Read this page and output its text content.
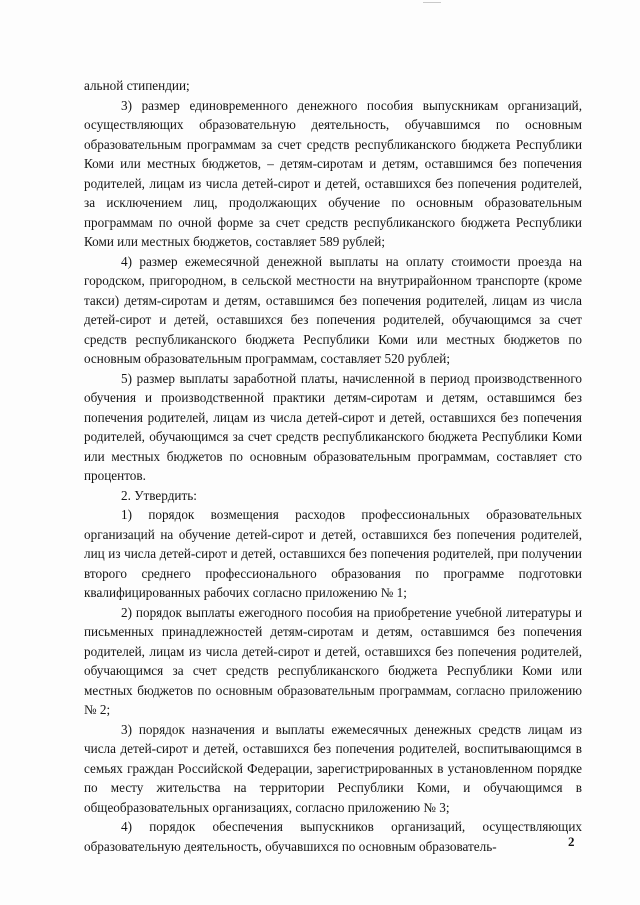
альной стипендии;

3) размер единовременного денежного пособия выпускникам организаций, осуществляющих образовательную деятельность, обучавшимся по основным образовательным программам за счет средств республиканского бюджета Республики Коми или местных бюджетов, – детям-сиротам и детям, оставшимся без попечения родителей, лицам из числа детей-сирот и детей, оставшихся без попечения родителей, за исключением лиц, продолжающих обучение по основным образовательным программам по очной форме за счет средств республиканского бюджета Республики Коми или местных бюджетов, составляет 589 рублей;

4) размер ежемесячной денежной выплаты на оплату стоимости проезда на городском, пригородном, в сельской местности на внутрирайонном транспорте (кроме такси) детям-сиротам и детям, оставшимся без попечения родителей, лицам из числа детей-сирот и детей, оставшихся без попечения родителей, обучающимся за счет средств республиканского бюджета Республики Коми или местных бюджетов по основным образовательным программам, составляет 520 рублей;

5) размер выплаты заработной платы, начисленной в период производственного обучения и производственной практики детям-сиротам и детям, оставшимся без попечения родителей, лицам из числа детей-сирот и детей, оставшихся без попечения родителей, обучающимся за счет средств республиканского бюджета Республики Коми или местных бюджетов по основным образовательным программам, составляет сто процентов.

2. Утвердить:

1) порядок возмещения расходов профессиональных образовательных организаций на обучение детей-сирот и детей, оставшихся без попечения родителей, лиц из числа детей-сирот и детей, оставшихся без попечения родителей, при получении второго среднего профессионального образования по программе подготовки квалифицированных рабочих согласно приложению № 1;

2) порядок выплаты ежегодного пособия на приобретение учебной литературы и письменных принадлежностей детям-сиротам и детям, оставшимся без попечения родителей, лицам из числа детей-сирот и детей, оставшихся без попечения родителей, обучающимся за счет средств республиканского бюджета Республики Коми или местных бюджетов по основным образовательным программам, согласно приложению № 2;

3) порядок назначения и выплаты ежемесячных денежных средств лицам из числа детей-сирот и детей, оставшихся без попечения родителей, воспитывающимся в семьях граждан Российской Федерации, зарегистрированных в установленном порядке по месту жительства на территории Республики Коми, и обучающимся в общеобразовательных организациях, согласно приложению № 3;

4) порядок обеспечения выпускников организаций, осуществляющих образовательную деятельность, обучавшихся по основным образователь-	2
